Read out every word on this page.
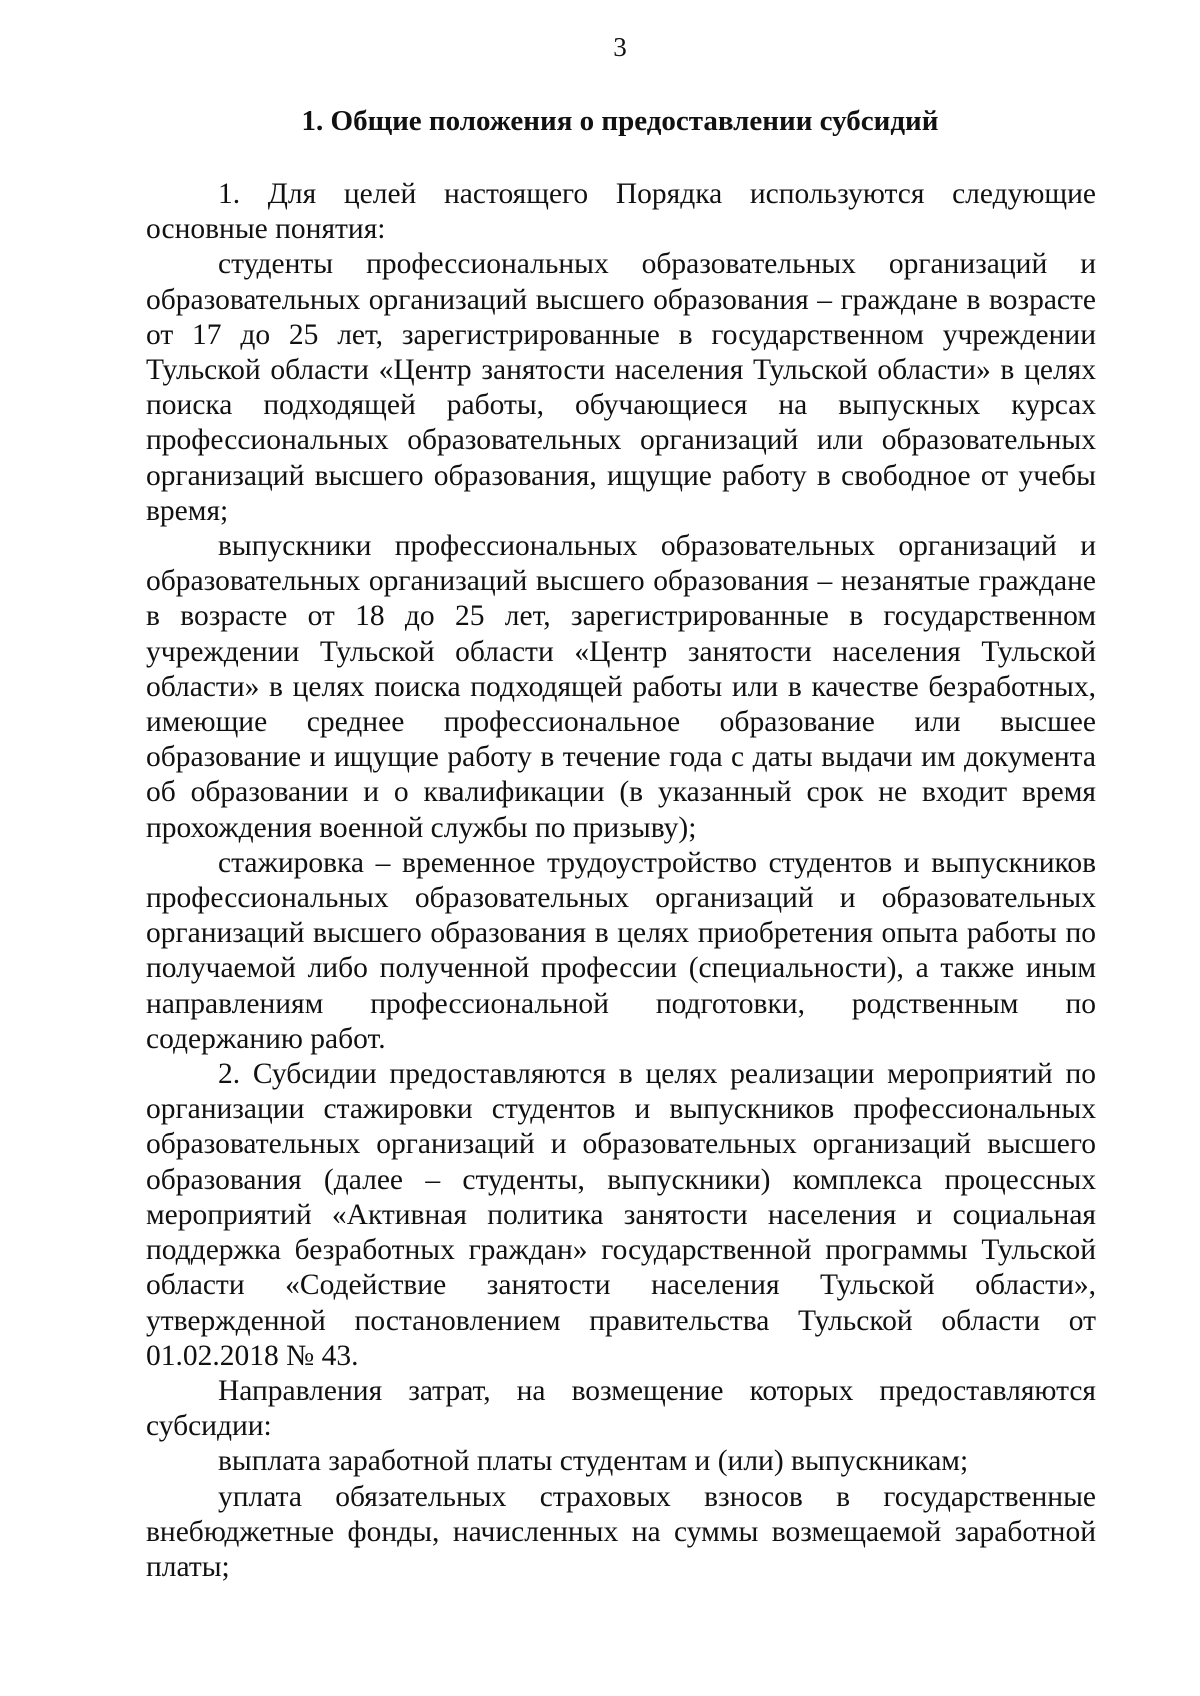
3
1. Общие положения о предоставлении субсидий

1. Для целей настоящего Порядка используются следующие основные понятия:

студенты профессиональных образовательных организаций и образовательных организаций высшего образования – граждане в возрасте от 17 до 25 лет, зарегистрированные в государственном учреждении Тульской области «Центр занятости населения Тульской области» в целях поиска подходящей работы, обучающиеся на выпускных курсах профессиональных образовательных организаций или образовательных организаций высшего образования, ищущие работу в свободное от учебы время;

выпускники профессиональных образовательных организаций и образовательных организаций высшего образования – незанятые граждане в возрасте от 18 до 25 лет, зарегистрированные в государственном учреждении Тульской области «Центр занятости населения Тульской области» в целях поиска подходящей работы или в качестве безработных, имеющие среднее профессиональное образование или высшее образование и ищущие работу в течение года с даты выдачи им документа об образовании и о квалификации (в указанный срок не входит время прохождения военной службы по призыву);

стажировка – временное трудоустройство студентов и выпускников профессиональных образовательных организаций и образовательных организаций высшего образования в целях приобретения опыта работы по получаемой либо полученной профессии (специальности), а также иным направлениям профессиональной подготовки, родственным по содержанию работ.

2. Субсидии предоставляются в целях реализации мероприятий по организации стажировки студентов и выпускников профессиональных образовательных организаций и образовательных организаций высшего образования (далее – студенты, выпускники) комплекса процессных мероприятий «Активная политика занятости населения и социальная поддержка безработных граждан» государственной программы Тульской области «Содействие занятости населения Тульской области», утвержденной постановлением правительства Тульской области от 01.02.2018 № 43.

Направления затрат, на возмещение которых предоставляются субсидии:

выплата заработной платы студентам и (или) выпускникам;

уплата обязательных страховых взносов в государственные внебюджетные фонды, начисленных на суммы возмещаемой заработной платы;
